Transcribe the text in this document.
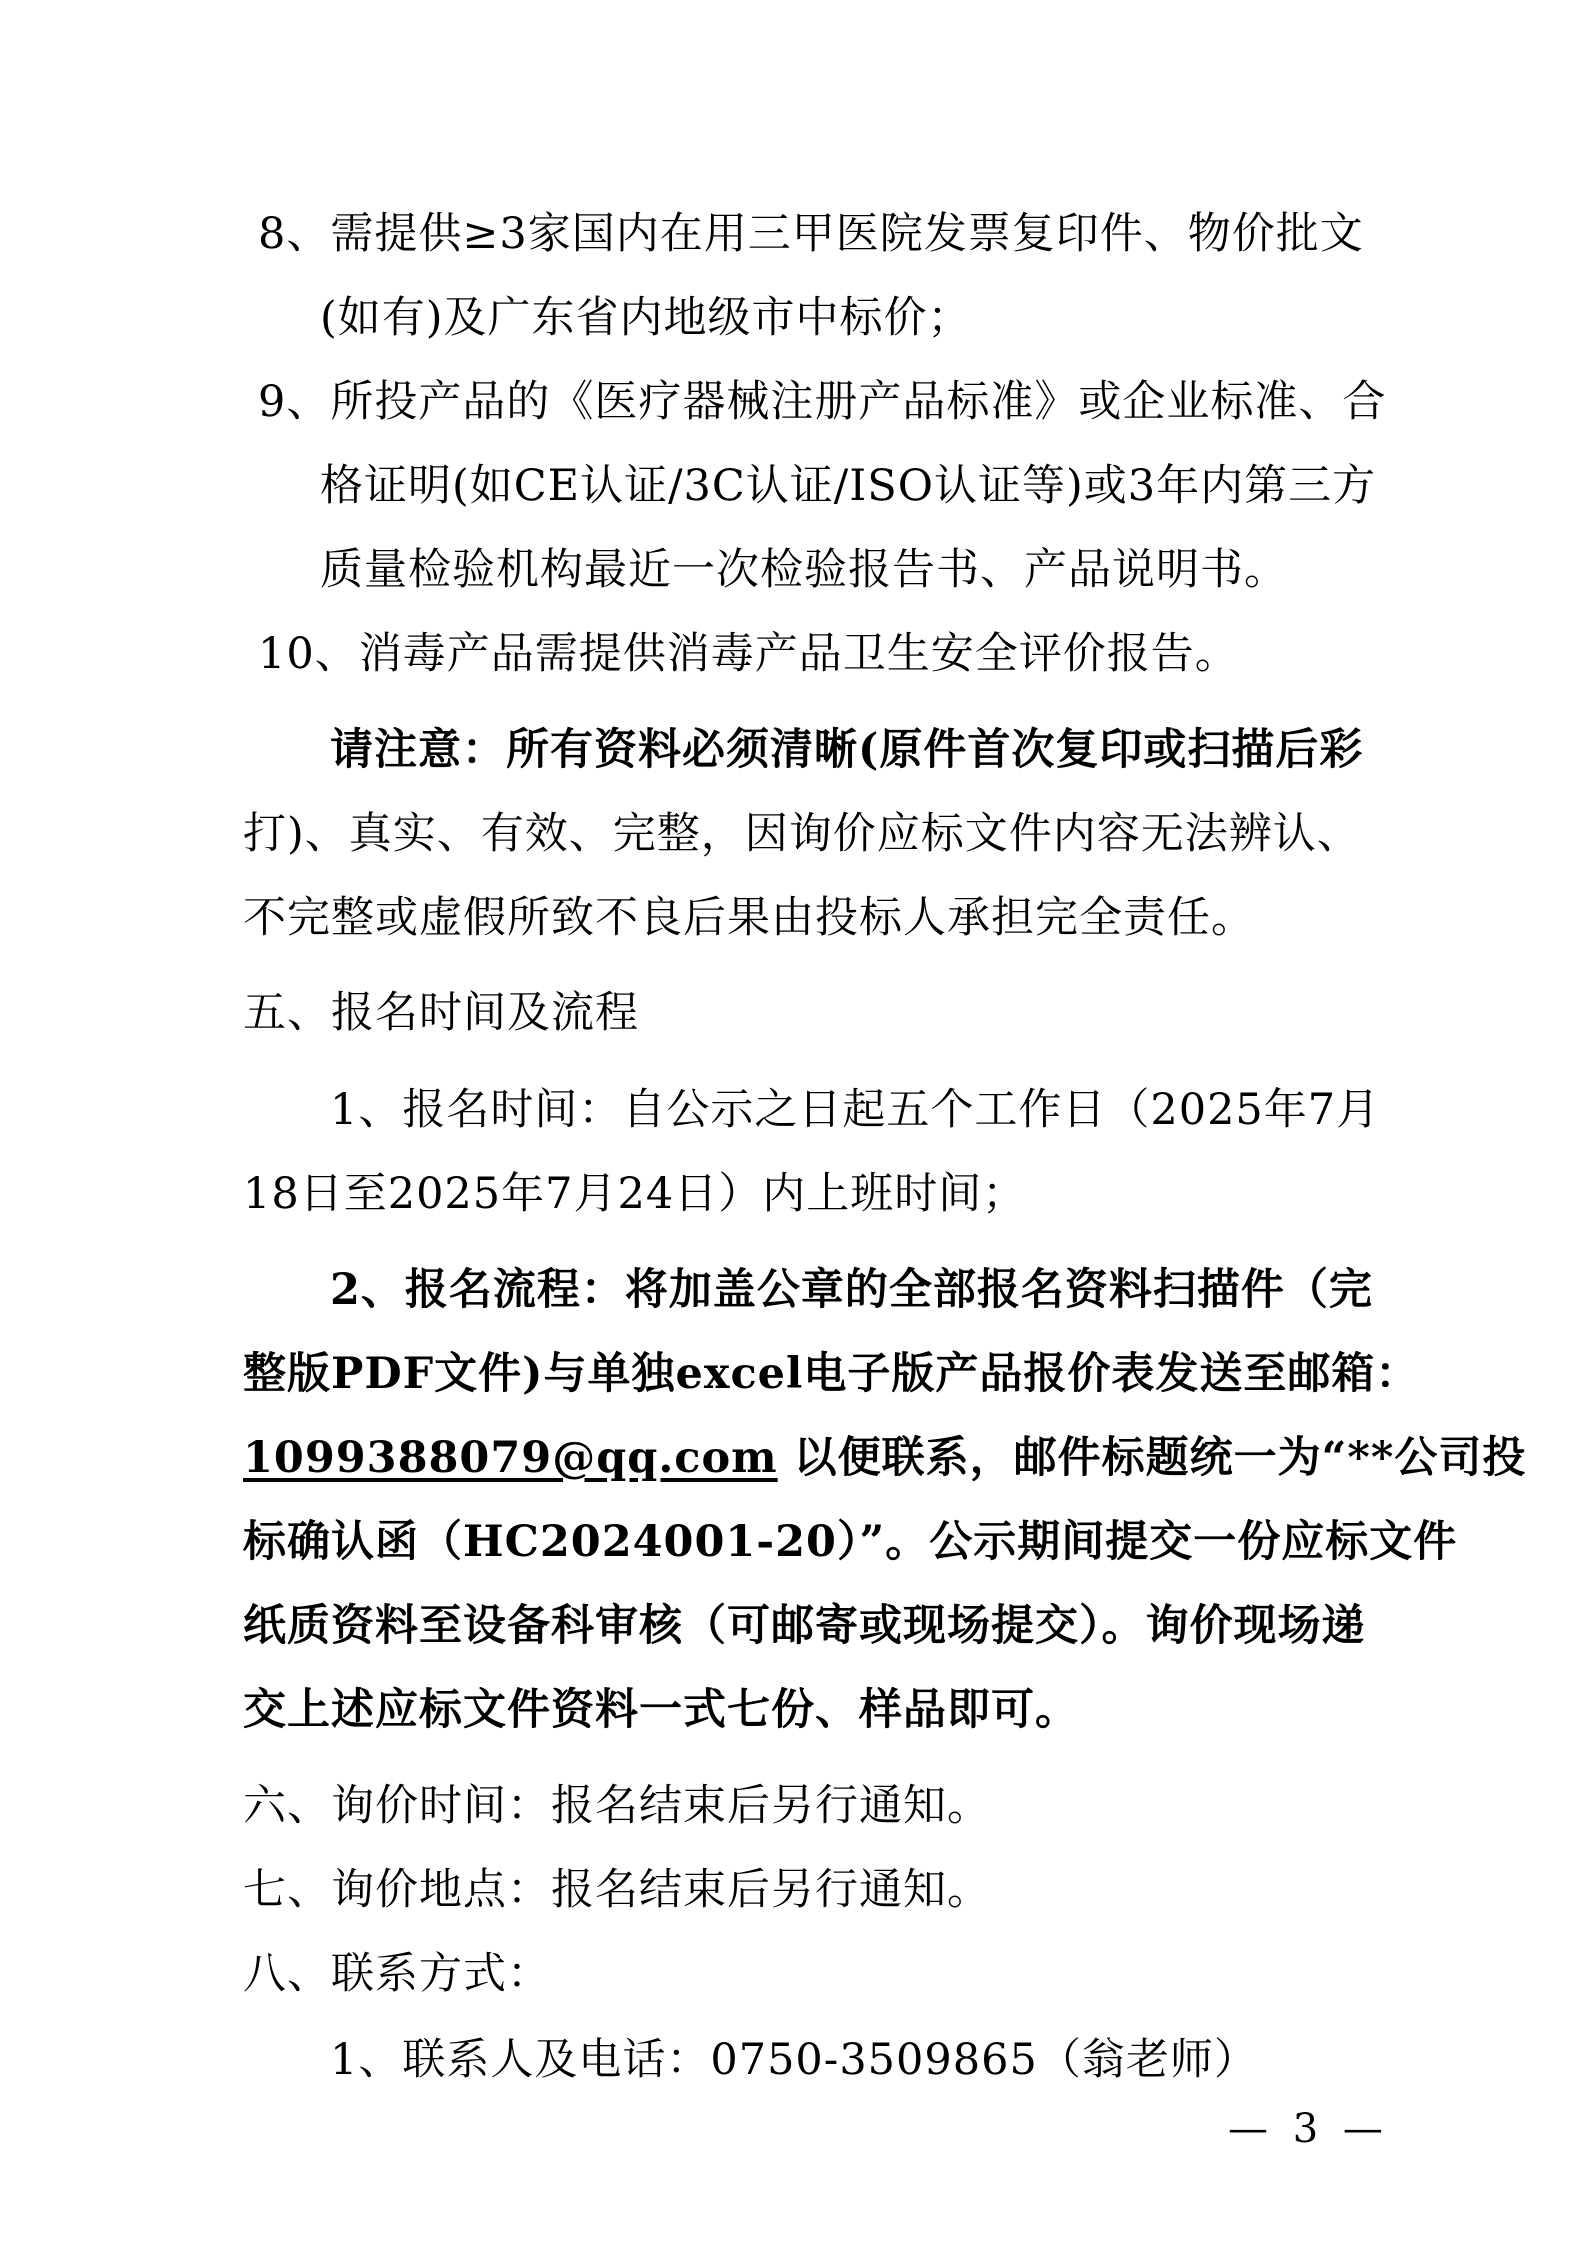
8、需提供≥3家国内在用三甲医院发票复印件、物价批文
(如有)及广东省内地级市中标价；
9、所投产品的《医疗器械注册产品标准》或企业标准、合
格证明(如CE认证/3C认证/ISO认证等)或3年内第三方
质量检验机构最近一次检验报告书、产品说明书。
10、消毒产品需提供消毒产品卫生安全评价报告。
请注意：所有资料必须清晰(原件首次复印或扫描后彩
打)、真实、有效、完整，因询价应标文件内容无法辨认、
不完整或虚假所致不良后果由投标人承担完全责任。
五、报名时间及流程
1、报名时间：自公示之日起五个工作日（2025年7月
18日至2025年7月24日）内上班时间；
2、报名流程：将加盖公章的全部报名资料扫描件（完
整版PDF文件)与单独excel电子版产品报价表发送至邮箱：
1099388079@qq.com 以便联系，邮件标题统一为“**公司投
标确认函（HC2024001-20）”。公示期间提交一份应标文件
纸质资料至设备科审核（可邮寄或现场提交）。询价现场递
交上述应标文件资料一式七份、样品即可。
六、询价时间：报名结束后另行通知。
七、询价地点：报名结束后另行通知。
八、联系方式：
1、联系人及电话：0750-3509865（翁老师）
— 3 —
